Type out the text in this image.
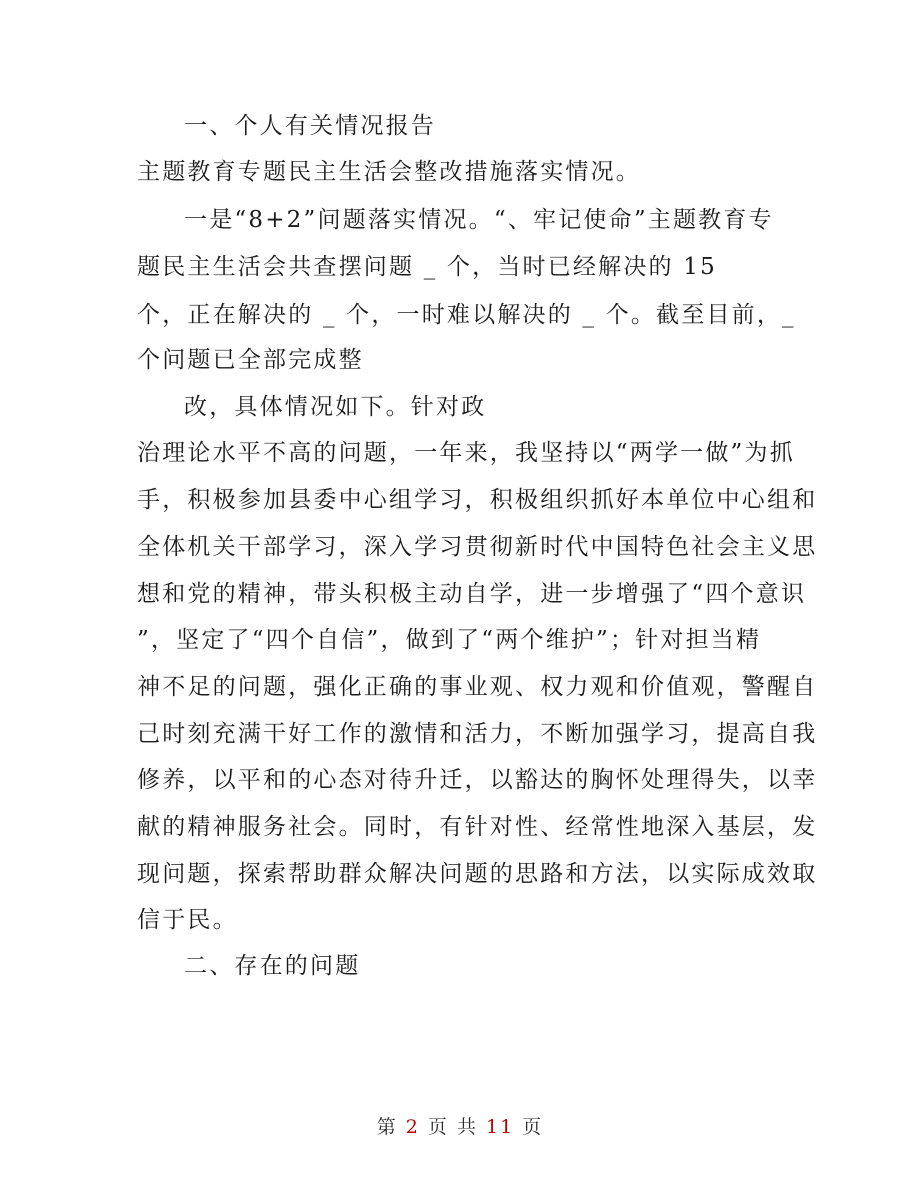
一、个人有关情况报告
主题教育专题民主生活会整改措施落实情况。
一是“8+2”问题落实情况。“、牢记使命”主题教育专
题民主生活会共查摆问题 _ 个，当时已经解决的 15
个，正在解决的 _ 个，一时难以解决的 _ 个。截至目前，_
个问题已全部完成整
改，具体情况如下。针对政
治理论水平不高的问题，一年来，我坚持以“两学一做”为抓
手，积极参加县委中心组学习，积极组织抓好本单位中心组和
全体机关干部学习，深入学习贯彻新时代中国特色社会主义思
想和党的精神，带头积极主动自学，进一步增强了“四个意识
”，坚定了“四个自信”，做到了“两个维护”；针对担当精
神不足的问题，强化正确的事业观、权力观和价值观，警醒自
己时刻充满干好工作的激情和活力，不断加强学习，提高自我
修养，以平和的心态对待升迁，以豁达的胸怀处理得失，以幸
献的精神服务社会。同时，有针对性、经常性地深入基层，发
现问题，探索帮助群众解决问题的思路和方法，以实际成效取
信于民。
二、存在的问题
第 2 页 共 11 页
